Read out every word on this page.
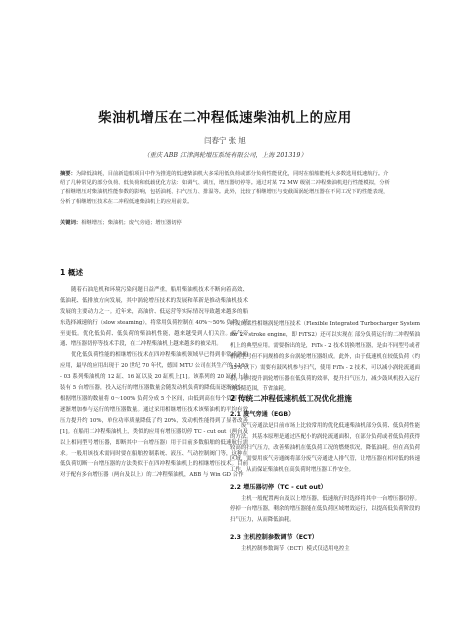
柴油机增压在二冲程低速柴油机上的应用
闫春宁 张 旭
（重庆 ABB 江津涡轮增压系统有限公司，上海 201319）
摘要：为降低油耗，目前新造船项目中作为推进的低速柴油机大多采用低负荷或部分负荷性能优化，同时在船舶能耗大多数选用低速航行。介绍了几种常见的部分负荷、低负荷和低载优化方法：如调气、调压，增压器切停等。通过对某 72 MW 级别二冲程柴油机进行性能模拟，分析了相继增压对柴油机性能参数的影响，包括油耗、扫气压力、排温等。此外，比较了相继增压与变截面涡轮增压器在不同工况下的性能表现，分析了相继增压技术在二冲程低速柴油机上的应用前景。
关键词：相继增压；柴油机；废气旁通；增压器切停
1 概述

随着石油危机和环境污染问题日益严重，船用柴油机技术不断向着高效、低油耗、低排放方向发展，其中涡轮增压技术的发展和革新是推动柴油机技术发展的主要动力之一。近年来，高油价、低运营等实际情况导致越来越多的船东选择减速航行（slow steaming），将常用负荷控制在 40%～50% 负荷，甚至更低。优化低负荷、低负荷的柴油机性能，越来越受到人们关注。废气旁通、增压器切停等技术手段，在二冲程柴油机上越来越多的被采用。

优化低负荷性能的相继增压技术在四冲程柴油机领域早已得到非常成熟的应用，最早的应用出现于 20 世纪 70 年代，德国 MTU 公司在其生产的 1163 - 03 系列柴油机的 12 缸、16 缸以及 20 缸机上[1]。该系列的 20 缸机上共装有 5 台增压器，投入运行的增压器数量会随发动机负荷的降低而逐渐减少，根据增压器的数量将 0～100% 负荷分成 5 个区间，由低到高在每个负荷节点逐渐增加参与运行的增压器数量。通过采用相继增压技术该柴油机的平均有效压力提升约 10%，单位功率质量降低了约 20%，发动机性能得到了显著改善[1]。在船用二冲程柴油机上，类似的应用有增压器切停 TC - cut out（两台及以上相同型号增压器，即断其中一台增压器）用于目前多数船舶的低速航行需求。一般用该技术需同时要在船舶控制系统、液压、气动控制阀门等，这种在低负荷切断一台增压器的方法类似于在四冲程柴油机上的相继增压技术。目前对于配有多台增压器（两台及以上）的二冲程柴油机，ABB 与 Win GD 合作

开发的柔性相继涡轮增压技术（Flexible Integrated Turbocharger System for 2 - stroke engine，即 FiTS2）还可以实现在 部分负荷运行的二冲程柴油机上的典型应用。需要指出的是，FiTs - 2 技术切换增压器，是由不同型号或者相同型号但不同规格的多台涡轮增压器组成。此外，由于低速机在较低负荷（约 35% 以下）需要有鼓风机参与扫气，使用 FiTs - 2 技术，可以减小涡轮流通面积，同时提升涡轮增压器在低负荷的效率，提升扫气压力，减少鼓风机投入运行的负荷范围，节省油耗。
2 传统二冲程低速机低工况优化措施
2.1 废气旁通（EGB）

废气旁通法是目前市场上比较常用的优化低速柴油机部分负荷、低负荷性能的方法。其基本原理是通过匹配小的涡轮流通面积，在部分负荷或者低负荷获得较高的扫气压力，改善柴油机在低负荷工况的燃烧状况，降低油耗。但在高负荷区域，需要用废气旁通阀将部分废气旁通进人排气管，让增压器在相对低的转速工作，从而保证柴油机在高负荷时增压器工作安全。

2.2 增压器切停（TC - cut out）

主机一般配置两台及以上增压器，低速航行时选择将其中一台增压器切停。停掉一台增压器，剩余的增压器能在低负荷区域增效运行，以提高低负荷阶段的扫气压力，从而降低油耗。

2.3 主机控制参数调节（ECT）

主机控制参数调节（ECT）模式仅适用电控主
